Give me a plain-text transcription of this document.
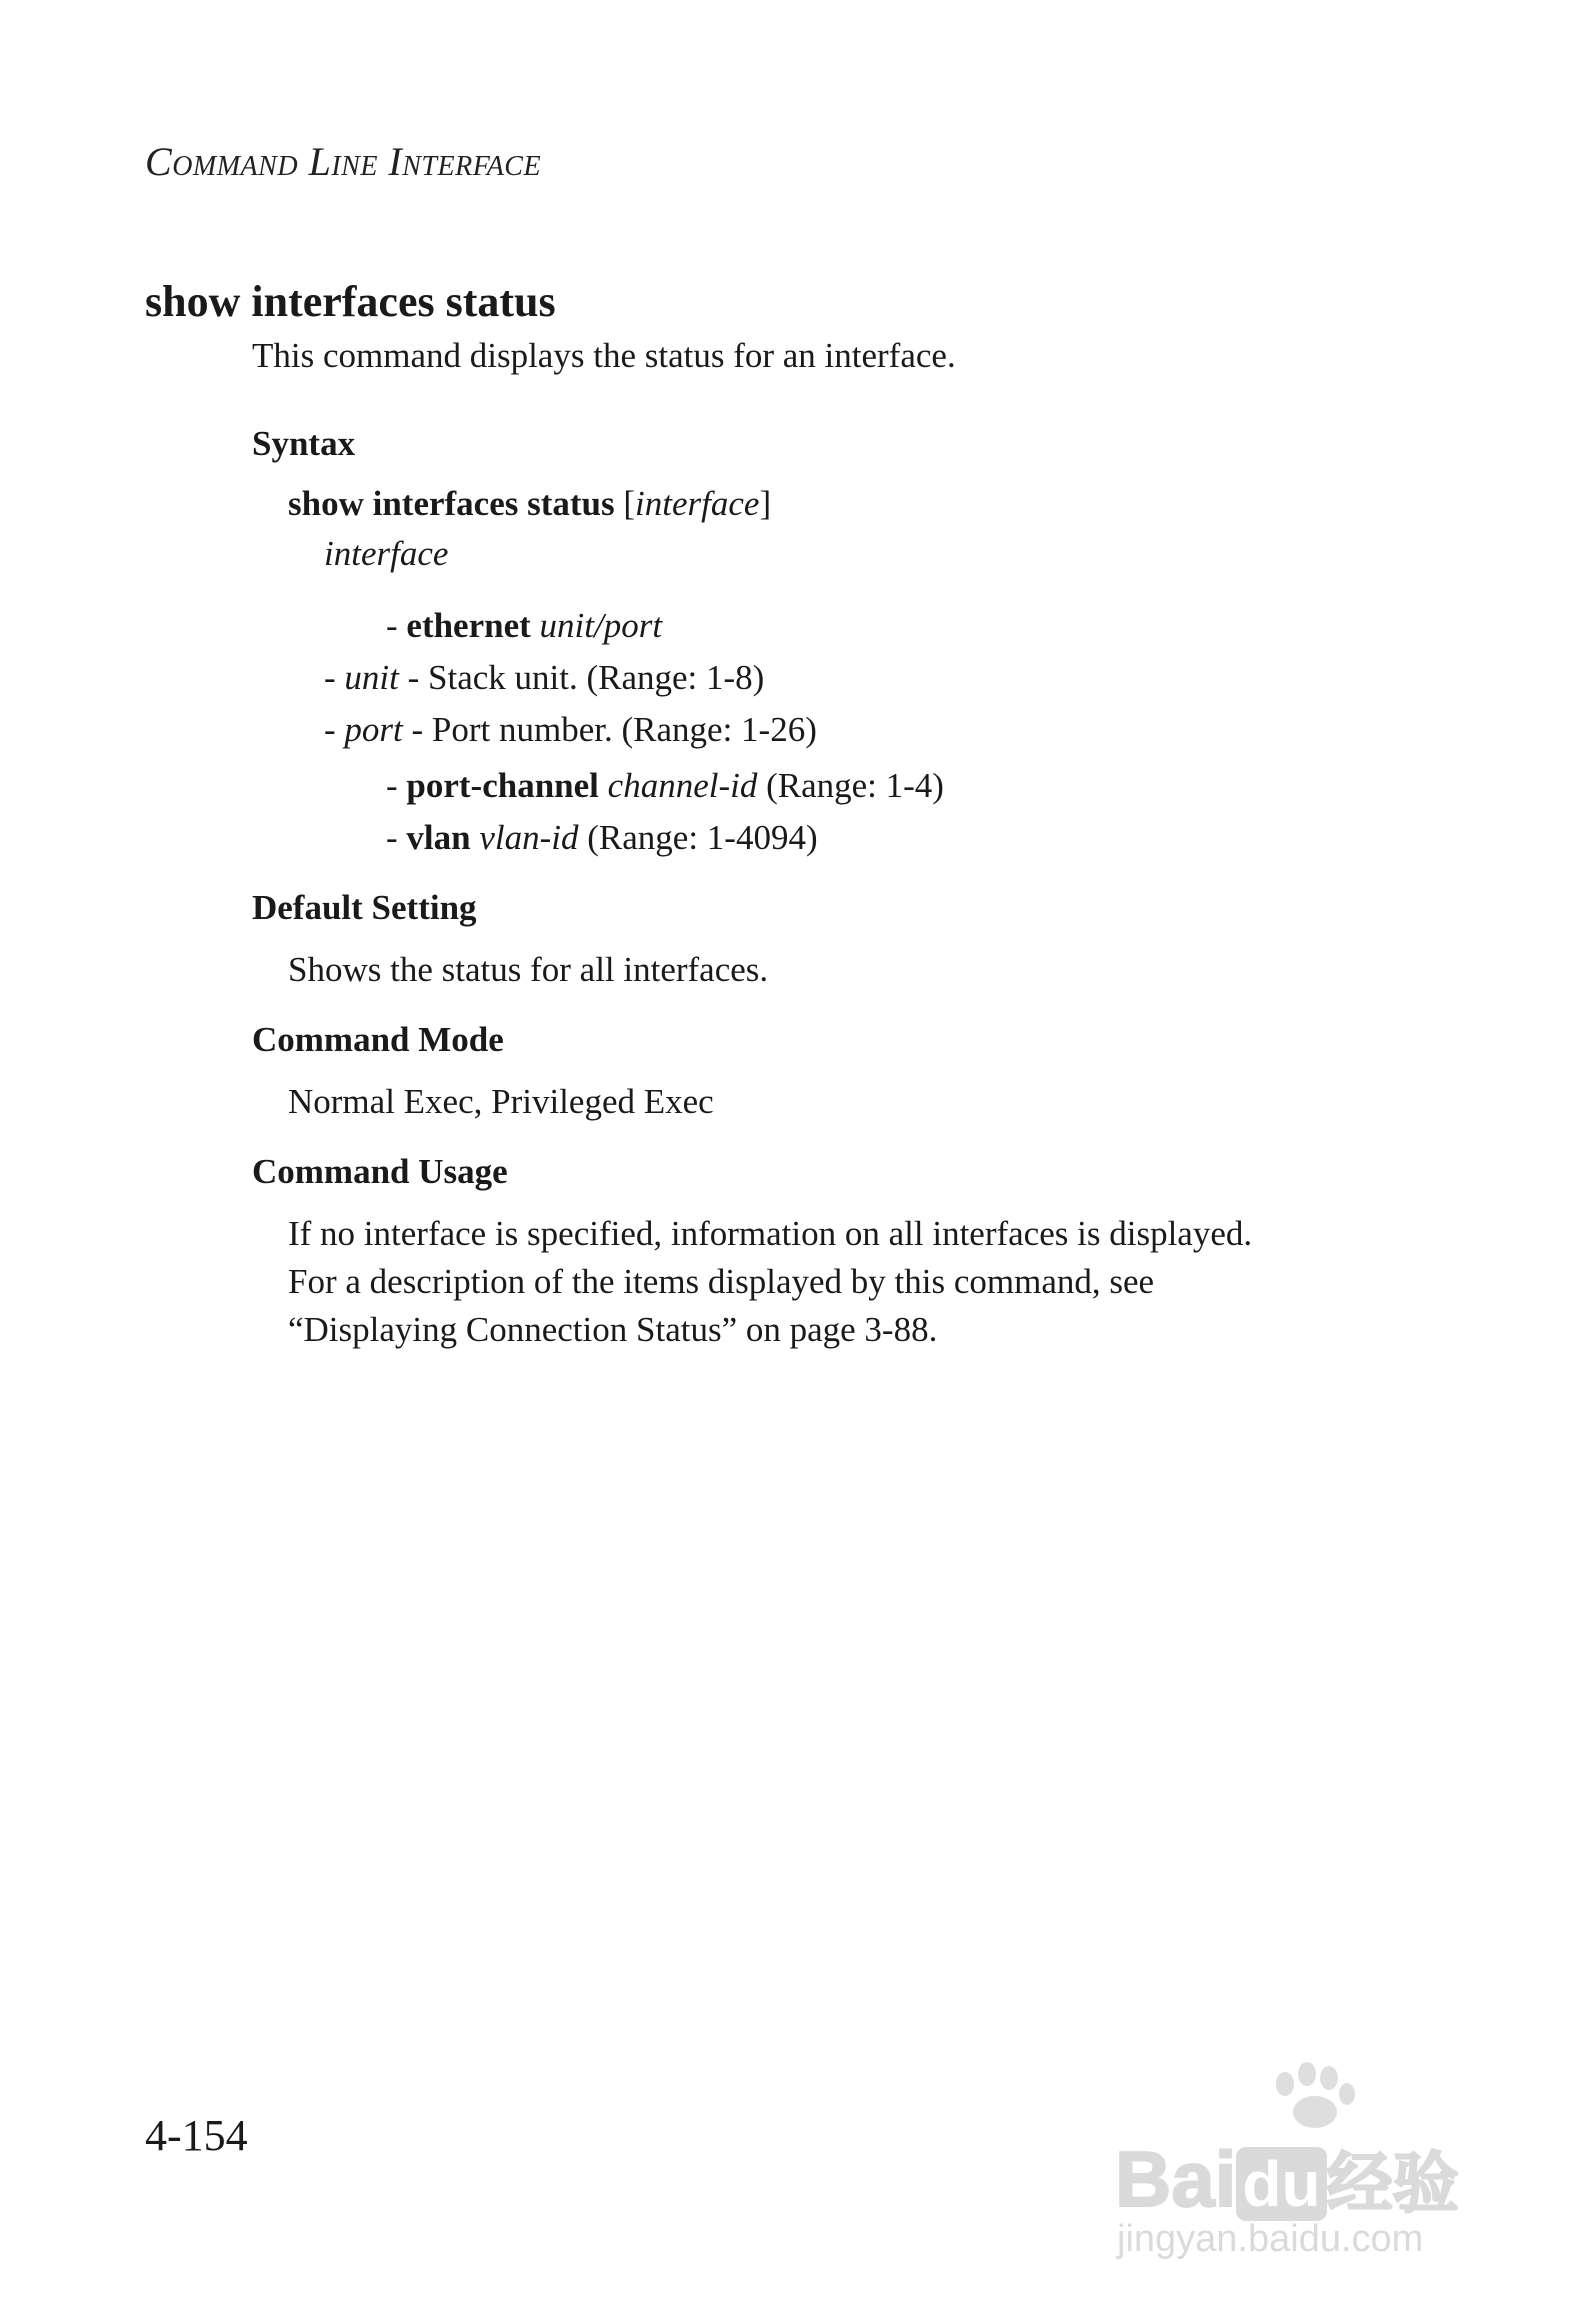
Command Line Interface
show interfaces status

This command displays the status for an interface.

Syntax

show interfaces status [interface]

interface

- ethernet unit/port

- unit - Stack unit. (Range: 1-8)

- port - Port number. (Range: 1-26)

- port-channel channel-id (Range: 1-4)

- vlan vlan-id (Range: 1-4094)

Default Setting

Shows the status for all interfaces.

Command Mode

Normal Exec, Privileged Exec

Command Usage

If no interface is specified, information on all interfaces is displayed.

For a description of the items displayed by this command, see

“Displaying Connection Status” on page 3-88.

4-154	Baidu经验
jingyan.baidu.com
